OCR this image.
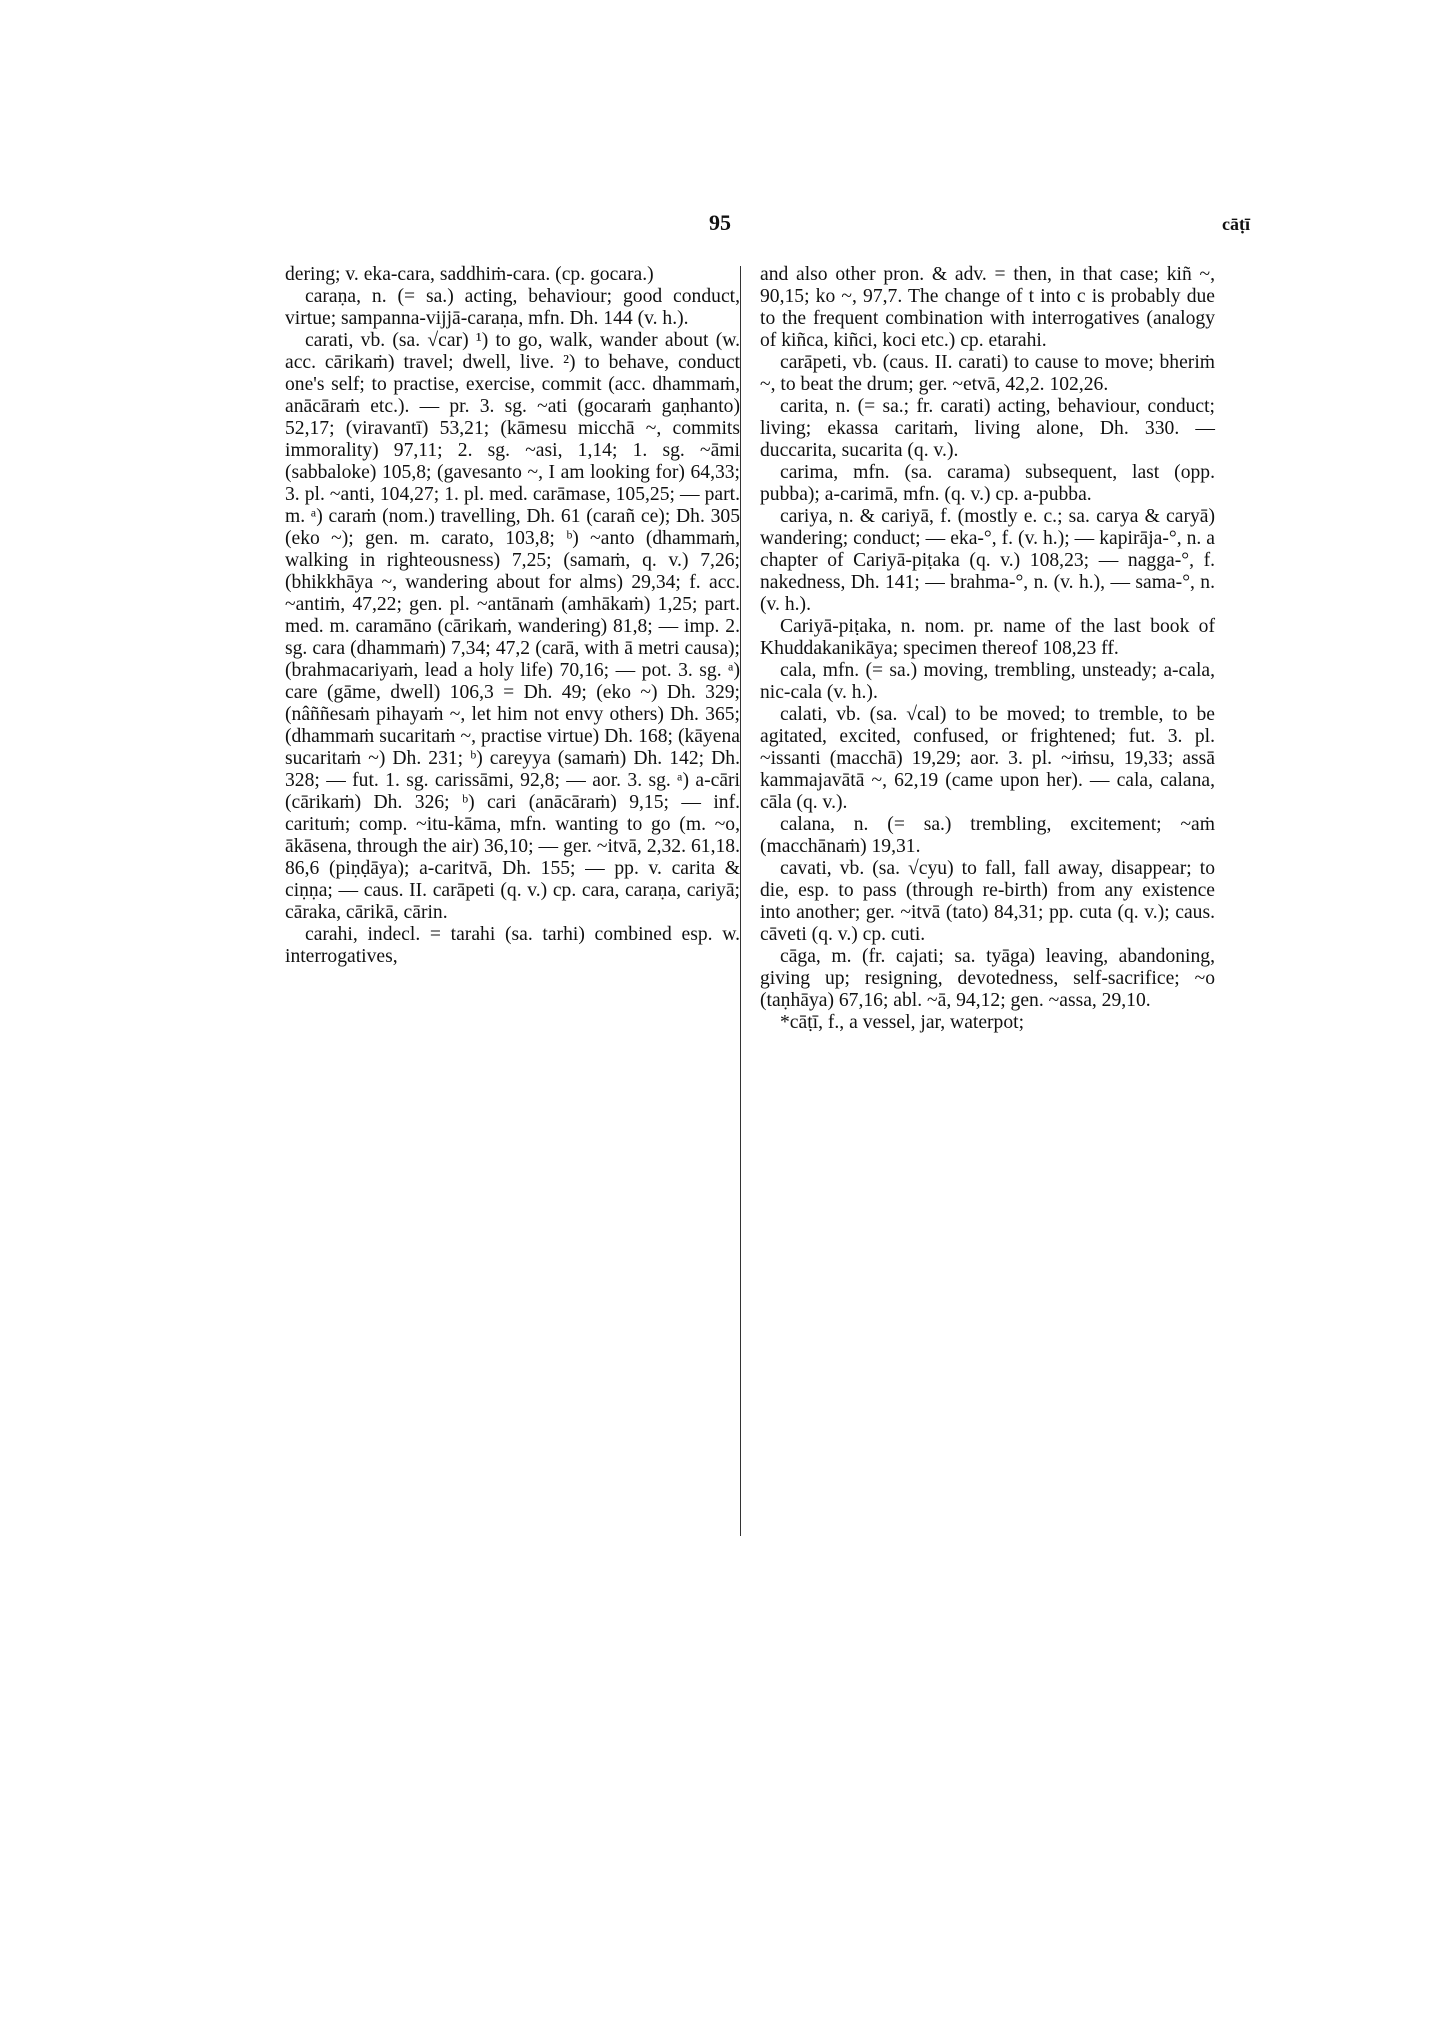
95	cāṭī

dering; v. eka-cara, saddhiṁ-cara. (cp. gocara.)

caraṇa, n. (= sa.) acting, behaviour; good conduct, virtue; sampanna-vijjā-caraṇa, mfn. Dh. 144 (v. h.).

carati, vb. (sa. √car) ¹) to go, walk, wander about (w. acc. cārikaṁ) travel; dwell, live. ²) to behave, conduct one's self; to practise, exercise, commit (acc. dhammaṁ, anācāraṁ etc.). — pr. 3. sg. ~ati (gocaraṁ gaṇhanto) 52,17; (viravantī) 53,21; (kāmesu micchā ~, commits immorality) 97,11; 2. sg. ~asi, 1,14; 1. sg. ~āmi (sabbaloke) 105,8; (gavesanto ~, I am looking for) 64,33; 3. pl. ~anti, 104,27; 1. pl. med. carāmase, 105,25; — part. m. ᵃ) caraṁ (nom.) travelling, Dh. 61 (carañ ce); Dh. 305 (eko ~); gen. m. carato, 103,8; ᵇ) ~anto (dhammaṁ, walking in righteousness) 7,25; (samaṁ, q. v.) 7,26; (bhikkhāya ~, wandering about for alms) 29,34; f. acc. ~antiṁ, 47,22; gen. pl. ~antānaṁ (amhākaṁ) 1,25; part. med. m. caramāno (cārikaṁ, wandering) 81,8; — imp. 2. sg. cara (dhammaṁ) 7,34; 47,2 (carā, with ā metri causa); (brahmacariyaṁ, lead a holy life) 70,16; — pot. 3. sg. ᵃ) care (gāme, dwell) 106,3 = Dh. 49; (eko ~) Dh. 329; (nâññesaṁ pihayaṁ ~, let him not envy others) Dh. 365; (dhammaṁ sucaritaṁ ~, practise virtue) Dh. 168; (kāyena sucaritaṁ ~) Dh. 231; ᵇ) careyya (samaṁ) Dh. 142; Dh. 328; — fut. 1. sg. carissāmi, 92,8; — aor. 3. sg. ᵃ) a-cāri (cārikaṁ) Dh. 326; ᵇ) cari (anācāraṁ) 9,15; — inf. carituṁ; comp. ~itu-kāma, mfn. wanting to go (m. ~o, ākāsena, through the air) 36,10; — ger. ~itvā, 2,32. 61,18. 86,6 (piṇḍāya); a-caritvā, Dh. 155; — pp. v. carita & ciṇṇa; — caus. II. carāpeti (q. v.) cp. cara, caraṇa, cariyā; cāraka, cārikā, cārin.

carahi, indecl. = tarahi (sa. tarhi) combined esp. w. interrogatives,

and also other pron. & adv. = then, in that case; kiñ ~, 90,15; ko ~, 97,7. The change of t into c is probably due to the frequent combination with interrogatives (analogy of kiñca, kiñci, koci etc.) cp. etarahi.

carāpeti, vb. (caus. II. carati) to cause to move; bheriṁ ~, to beat the drum; ger. ~etvā, 42,2. 102,26.

carita, n. (= sa.; fr. carati) acting, behaviour, conduct; living; ekassa caritaṁ, living alone, Dh. 330. — duccarita, sucarita (q. v.).

carima, mfn. (sa. carama) subsequent, last (opp. pubba); a-carimā, mfn. (q. v.) cp. a-pubba.

cariya, n. & cariyā, f. (mostly e. c.; sa. carya & caryā) wandering; conduct; — eka-°, f. (v. h.); — kapirāja-°, n. a chapter of Cariyā-piṭaka (q. v.) 108,23; — nagga-°, f. nakedness, Dh. 141; — brahma-°, n. (v. h.), — sama-°, n. (v. h.).

Cariyā-piṭaka, n. nom. pr. name of the last book of Khuddakanikāya; specimen thereof 108,23 ff.

cala, mfn. (= sa.) moving, trembling, unsteady; a-cala, nic-cala (v. h.).

calati, vb. (sa. √cal) to be moved; to tremble, to be agitated, excited, confused, or frightened; fut. 3. pl. ~issanti (macchā) 19,29; aor. 3. pl. ~iṁsu, 19,33; assā kammajavātā ~, 62,19 (came upon her). — cala, calana, cāla (q. v.).

calana, n. (= sa.) trembling, excitement; ~aṁ (macchānaṁ) 19,31.

cavati, vb. (sa. √cyu) to fall, fall away, disappear; to die, esp. to pass (through re-birth) from any existence into another; ger. ~itvā (tato) 84,31; pp. cuta (q. v.); caus. cāveti (q. v.) cp. cuti.

cāga, m. (fr. cajati; sa. tyāga) leaving, abandoning, giving up; resigning, devotedness, self-sacrifice; ~o (taṇhāya) 67,16; abl. ~ā, 94,12; gen. ~assa, 29,10.

*cāṭī, f., a vessel, jar, waterpot;
